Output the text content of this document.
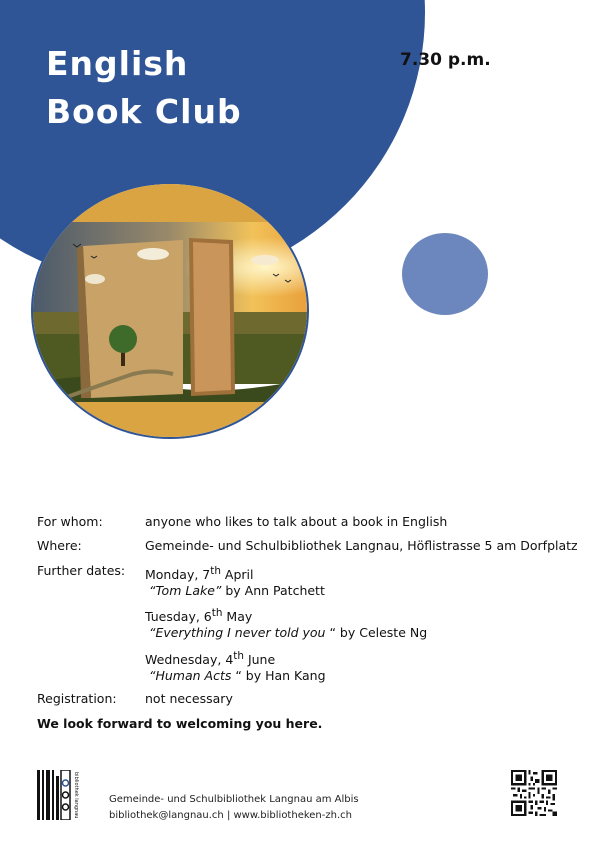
English
Book Club
7.30 p.m.
For whom:	anyone who likes to talk about a book in English
Where:	Gemeinde- und Schulbibliothek Langnau, Höflistrasse 5 am Dorfplatz
Further dates: Monday, 7th April
“Tom Lake” by Ann Patchett
Tuesday, 6th May
“Everything I never told you “ by Celeste Ng
Wednesday, 4th June
“Human Acts “ by Han Kang
Registration: not necessary
We look forward to welcoming you here.
bibliothek langnau	Gemeinde- und Schulbibliothek Langnau am Albis
bibliothek@langnau.ch | www.bibliotheken-zh.ch
